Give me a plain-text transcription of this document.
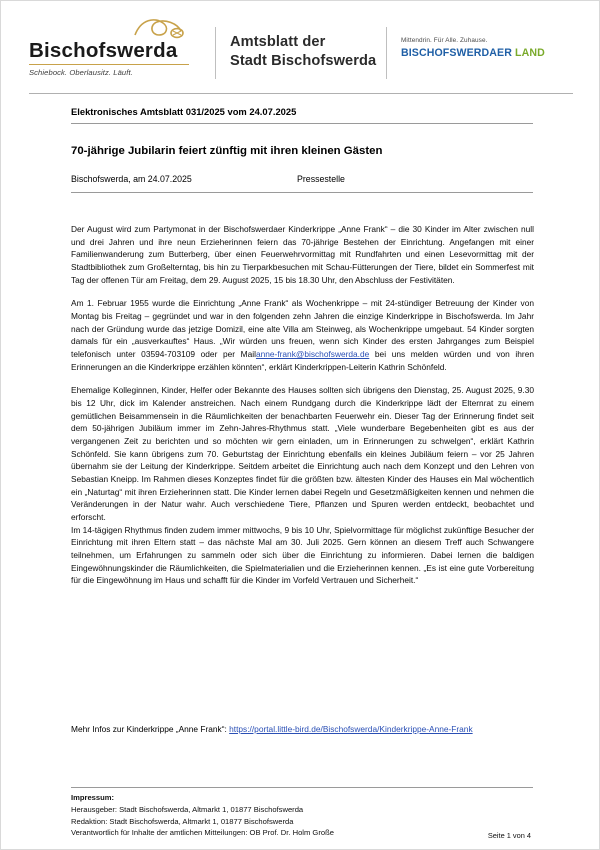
Bischofswerda
Schiebock. Oberlausitz. Läuft.
Amtsblatt der
Stadt Bischofswerda
Mittendrin. Für Alle. Zuhause.
BISCHOFSWERDAER LAND
Elektronisches Amtsblatt 031/2025 vom 24.07.2025
70-jährige Jubilarin feiert zünftig mit ihren kleinen Gästen
Bischofswerda, am 24.07.2025	Pressestelle

Der August wird zum Partymonat in der Bischofswerdaer Kinderkrippe „Anne Frank“ – die 30 Kinder im Alter zwischen null und drei Jahren und ihre neun Erzieherinnen feiern das 70-jährige Bestehen der Einrichtung. Angefangen mit einer Familienwanderung zum Butterberg, über einen Feuerwehrvormittag mit Rundfahrten und einen Lesevormittag mit der Stadtbibliothek zum Großelterntag, bis hin zu Tierparkbesuchen mit Schau-Fütterungen der Tiere, bildet ein Sommerfest mit Tag der offenen Tür am Freitag, dem 29. August 2025, 15 bis 18.30 Uhr, den Abschluss der Festivitäten.

Am 1. Februar 1955 wurde die Einrichtung „Anne Frank“ als Wochenkrippe – mit 24-stündiger Betreuung der Kinder von Montag bis Freitag – gegründet und war in den folgenden zehn Jahren die einzige Kinderkrippe in Bischofswerda. Im Jahr nach der Gründung wurde das jetzige Domizil, eine alte Villa am Steinweg, als Wochenkrippe umgebaut. 54 Kinder sorgten damals für ein „ausverkauftes“ Haus. „Wir würden uns freuen, wenn sich Kinder des ersten Jahrganges zum Beispiel telefonisch unter 03594-703109 oder per Mailanne-frank@bischofswerda.de bei uns melden würden und von ihren Erinnerungen an die Kinderkrippe erzählen könnten“, erklärt Kinderkrippen-Leiterin Kathrin Schönfeld.

Ehemalige Kolleginnen, Kinder, Helfer oder Bekannte des Hauses sollten sich übrigens den Dienstag, 25. August 2025, 9.30 bis 12 Uhr, dick im Kalender anstreichen. Nach einem Rundgang durch die Kinderkrippe lädt der Elternrat zu einem gemütlichen Beisammensein in die Räumlichkeiten der benachbarten Feuerwehr ein. Dieser Tag der Erinnerung findet seit dem 50-jährigen Jubiläum immer im Zehn-Jahres-Rhythmus statt. „Viele wunderbare Begebenheiten gibt es aus der vergangenen Zeit zu berichten und so möchten wir gern einladen, um in Erinnerungen zu schwelgen“, erklärt Kathrin Schönfeld. Sie kann übrigens zum 70. Geburtstag der Einrichtung ebenfalls ein kleines Jubiläum feiern – vor 25 Jahren übernahm sie der Leitung der Kinderkrippe. Seitdem arbeitet die Einrichtung auch nach dem Konzept und den Lehren von Sebastian Kneipp. Im Rahmen dieses Konzeptes findet für die größten bzw. ältesten Kinder des Hauses ein Mal wöchentlich ein „Naturtag“ mit ihren Erzieherinnen statt. Die Kinder lernen dabei Regeln und Gesetzmäßigkeiten kennen und nehmen die Veränderungen in der Natur wahr. Auch verschiedene Tiere, Pflanzen und Spuren werden entdeckt, beobachtet und erforscht.

Im 14-tägigen Rhythmus finden zudem immer mittwochs, 9 bis 10 Uhr, Spielvormittage für möglichst zukünftige Besucher der Einrichtung mit ihren Eltern statt – das nächste Mal am 30. Juli 2025. Gern können an diesem Treff auch Schwangere teilnehmen, um Erfahrungen zu sammeln oder sich über die Einrichtung zu informieren. Dabei lernen die baldigen Eingewöhnungskinder die Räumlichkeiten, die Spielmaterialien und die Erzieherinnen kennen. „Es ist eine gute Vorbereitung für die Eingewöhnung im Haus und schafft für die Kinder im Vorfeld Vertrauen und Sicherheit.“

Mehr Infos zur Kinderkrippe „Anne Frank“: https://portal.little-bird.de/Bischofswerda/Kinderkrippe-Anne-Frank
Impressum:
Herausgeber: Stadt Bischofswerda, Altmarkt 1, 01877 Bischofswerda
Redaktion: Stadt Bischofswerda, Altmarkt 1, 01877 Bischofswerda
Verantwortlich für Inhalte der amtlichen Mitteilungen: OB Prof. Dr. Holm Große	Seite 1 von 4
